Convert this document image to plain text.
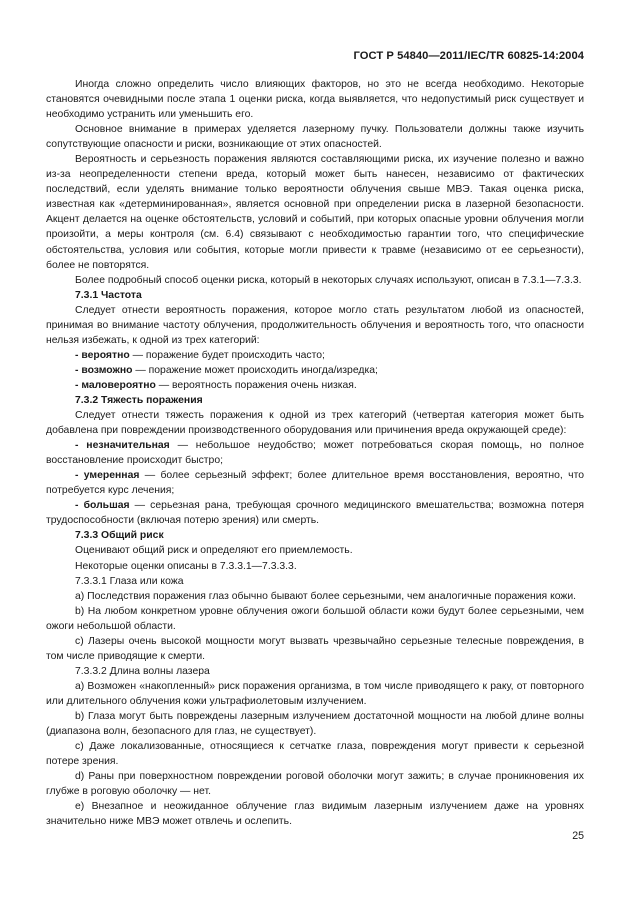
ГОСТ Р 54840—2011/IEC/TR 60825-14:2004

Иногда сложно определить число влияющих факторов, но это не всегда необходимо. Некоторые становятся очевидными после этапа 1 оценки риска, когда выявляется, что недопустимый риск существует и необходимо устранить или уменьшить его.

Основное внимание в примерах уделяется лазерному пучку. Пользователи должны также изучить сопутствующие опасности и риски, возникающие от этих опасностей.

Вероятность и серьезность поражения являются составляющими риска, их изучение полезно и важно из-за неопределенности степени вреда, который может быть нанесен, независимо от фактических последствий, если уделять внимание только вероятности облучения свыше МВЭ. Такая оценка риска, известная как «детерминированная», является основной при определении риска в лазерной безопасности. Акцент делается на оценке обстоятельств, условий и событий, при которых опасные уровни облучения могли произойти, а меры контроля (см. 6.4) связывают с необходимостью гарантии того, что специфические обстоятельства, условия или события, которые могли привести к травме (независимо от ее серьезности), более не повторятся.

Более подробный способ оценки риска, который в некоторых случаях используют, описан в 7.3.1—7.3.3.

7.3.1 Частота

Следует отнести вероятность поражения, которое могло стать результатом любой из опасностей, принимая во внимание частоту облучения, продолжительность облучения и вероятность того, что опасности нельзя избежать, к одной из трех категорий:

- вероятно — поражение будет происходить часто;

- возможно — поражение может происходить иногда/изредка;

- маловероятно — вероятность поражения очень низкая.

7.3.2 Тяжесть поражения

Следует отнести тяжесть поражения к одной из трех категорий (четвертая категория может быть добавлена при повреждении производственного оборудования или причинения вреда окружающей среде):

- незначительная — небольшое неудобство; может потребоваться скорая помощь, но полное восстановление происходит быстро;

- умеренная — более серьезный эффект; более длительное время восстановления, вероятно, что потребуется курс лечения;

- большая — серьезная рана, требующая срочного медицинского вмешательства; возможна потеря трудоспособности (включая потерю зрения) или смерть.

7.3.3 Общий риск

Оценивают общий риск и определяют его приемлемость.

Некоторые оценки описаны в 7.3.3.1—7.3.3.3.

7.3.3.1 Глаза или кожа

a) Последствия поражения глаз обычно бывают более серьезными, чем аналогичные поражения кожи.

b) На любом конкретном уровне облучения ожоги большой области кожи будут более серьезными, чем ожоги небольшой области.

c) Лазеры очень высокой мощности могут вызвать чрезвычайно серьезные телесные повреждения, в том числе приводящие к смерти.

7.3.3.2 Длина волны лазера

a) Возможен «накопленный» риск поражения организма, в том числе приводящего к раку, от повторного или длительного облучения кожи ультрафиолетовым излучением.

b) Глаза могут быть повреждены лазерным излучением достаточной мощности на любой длине волны (диапазона волн, безопасного для глаз, не существует).

c) Даже локализованные, относящиеся к сетчатке глаза, повреждения могут привести к серьезной потере зрения.

d) Раны при поверхностном повреждении роговой оболочки могут зажить; в случае проникновения их глубже в роговую оболочку — нет.

e) Внезапное и неожиданное облучение глаз видимым лазерным излучением даже на уровнях значительно ниже МВЭ может отвлечь и ослепить.

25
